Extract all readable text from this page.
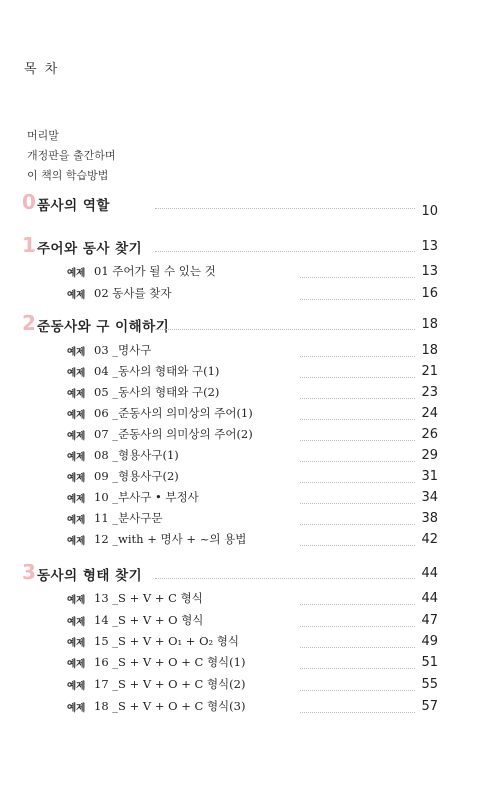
목 차
머리말
개정판을 출간하며
이 책의 학습방법
0 품사의 역할	10
1 주어와 동사 찾기	13
예제 01 주어가 될 수 있는 것	13
예제 02 동사를 찾자	16
2 준동사와 구 이해하기	18
예제 03 _명사구	18
예제 04 _동사의 형태와 구(1)	21
예제 05 _동사의 형태와 구(2)	23
예제 06 _준동사의 의미상의 주어(1)	24
예제 07 _준동사의 의미상의 주어(2)	26
예제 08 _형용사구(1)	29
예제 09 _형용사구(2)	31
예제 10 _부사구 • 부정사	34
예제 11 _분사구문	38
예제 12 _with + 명사 + ~의 용법	42
3 동사의 형태 찾기	44
예제 13 _S + V + C 형식	44
예제 14 _S + V + O 형식	47
예제 15 _S + V + O₁ + O₂ 형식	49
예제 16 _S + V + O + C 형식(1)	51
예제 17 _S + V + O + C 형식(2)	55
예제 18 _S + V + O + C 형식(3)	57
